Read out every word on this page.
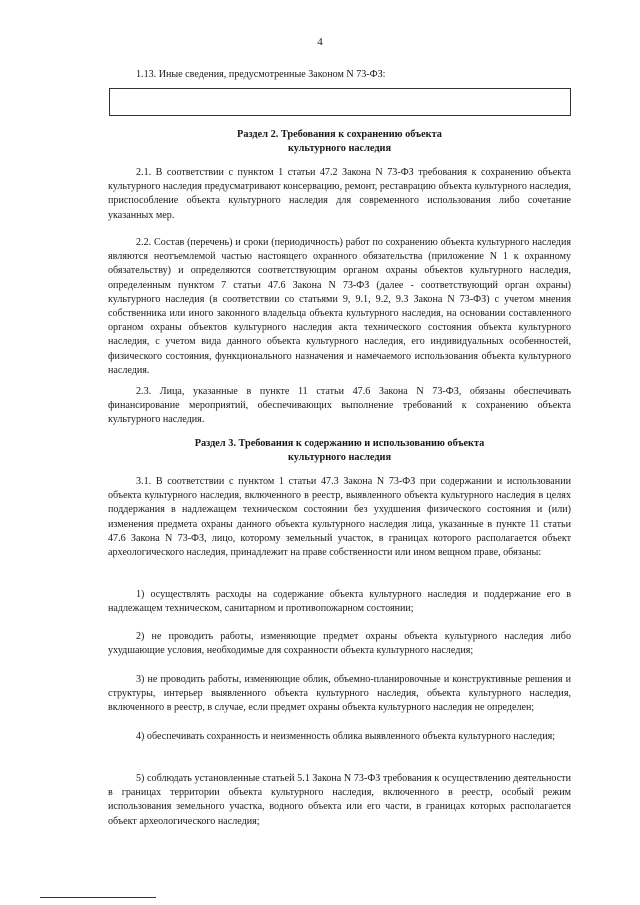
4
1.13. Иные сведения, предусмотренные Законом N 73-ФЗ:
Раздел 2. Требования к сохранению объекта
культурного наследия

2.1. В соответствии с пунктом 1 статьи 47.2 Закона N 73-ФЗ требования к сохранению объекта культурного наследия предусматривают консервацию, ремонт, реставрацию объекта культурного наследия, приспособление объекта культурного наследия для современного использования либо сочетание указанных мер.

2.2. Состав (перечень) и сроки (периодичность) работ по сохранению объекта культурного наследия являются неотъемлемой частью настоящего охранного обязательства (приложение N 1 к охранному обязательству) и определяются соответствующим органом охраны объектов культурного наследия, определенным пунктом 7 статьи 47.6 Закона N 73-ФЗ (далее - соответствующий орган охраны) культурного наследия (в соответствии со статьями 9, 9.1, 9.2, 9.3 Закона N 73-ФЗ) с учетом мнения собственника или иного законного владельца объекта культурного наследия, на основании составленного органом охраны объектов культурного наследия акта технического состояния объекта культурного наследия, с учетом вида данного объекта культурного наследия, его индивидуальных особенностей, физического состояния, функционального назначения и намечаемого использования объекта культурного наследия.

2.3. Лица, указанные в пункте 11 статьи 47.6 Закона N 73-ФЗ, обязаны обеспечивать финансирование мероприятий, обеспечивающих выполнение требований к сохранению объекта культурного наследия.

Раздел 3. Требования к содержанию и использованию объекта
культурного наследия

3.1. В соответствии с пунктом 1 статьи 47.3 Закона N 73-ФЗ при содержании и использовании объекта культурного наследия, включенного в реестр, выявленного объекта культурного наследия в целях поддержания в надлежащем техническом состоянии без ухудшения физического состояния и (или) изменения предмета охраны данного объекта культурного наследия лица, указанные в пункте 11 статьи 47.6 Закона N 73-ФЗ, лицо, которому земельный участок, в границах которого располагается объект археологического наследия, принадлежит на праве собственности или ином вещном праве, обязаны:

1) осуществлять расходы на содержание объекта культурного наследия и поддержание его в надлежащем техническом, санитарном и противопожарном состоянии;

2) не проводить работы, изменяющие предмет охраны объекта культурного наследия либо ухудшающие условия, необходимые для сохранности объекта культурного наследия;

3) не проводить работы, изменяющие облик, объемно-планировочные и конструктивные решения и структуры, интерьер выявленного объекта культурного наследия, объекта культурного наследия, включенного в реестр, в случае, если предмет охраны объекта культурного наследия не определен;

4) обеспечивать сохранность и неизменность облика выявленного объекта культурного наследия;

5) соблюдать установленные статьей 5.1 Закона N 73-ФЗ требования к осуществлению деятельности в границах территории объекта культурного наследия, включенного в реестр, особый режим использования земельного участка, водного объекта или его части, в границах которых располагается объект археологического наследия;
